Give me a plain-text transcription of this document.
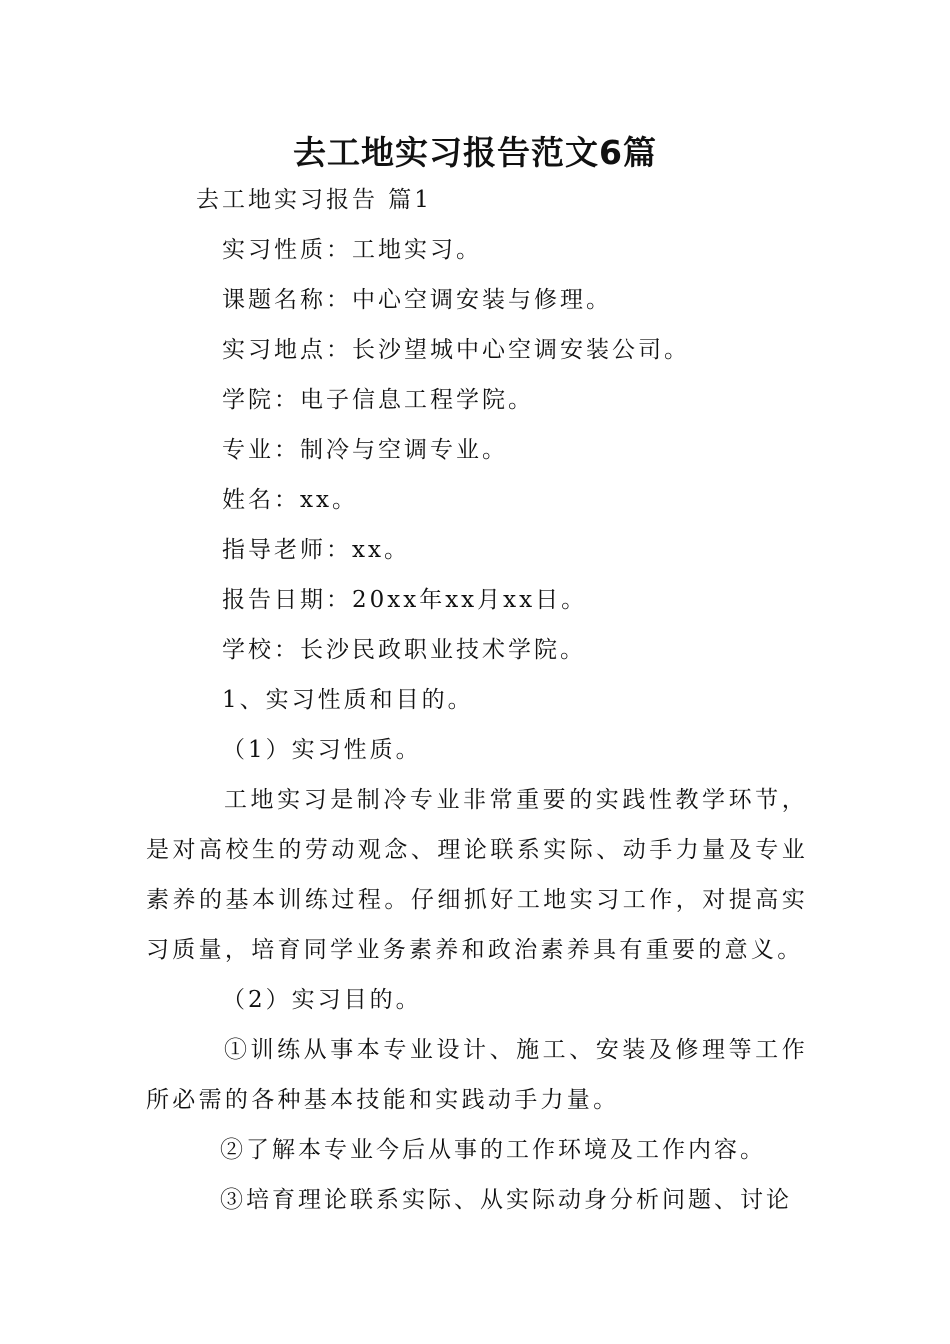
去工地实习报告范文6篇
去工地实习报告 篇1
实习性质：工地实习。
课题名称：中心空调安装与修理。
实习地点：长沙望城中心空调安装公司。
学院：电子信息工程学院。
专业：制冷与空调专业。
姓名：xx。
指导老师：xx。
报告日期：20xx年xx月xx日。
学校：长沙民政职业技术学院。
1、实习性质和目的。
（1）实习性质。
工地实习是制冷专业非常重要的实践性教学环节，是对高校生的劳动观念、理论联系实际、动手力量及专业素养的基本训练过程。仔细抓好工地实习工作，对提高实习质量，培育同学业务素养和政治素养具有重要的意义。
（2）实习目的。
①训练从事本专业设计、施工、安装及修理等工作所必需的各种基本技能和实践动手力量。
②了解本专业今后从事的工作环境及工作内容。
③培育理论联系实际、从实际动身分析问题、讨论
